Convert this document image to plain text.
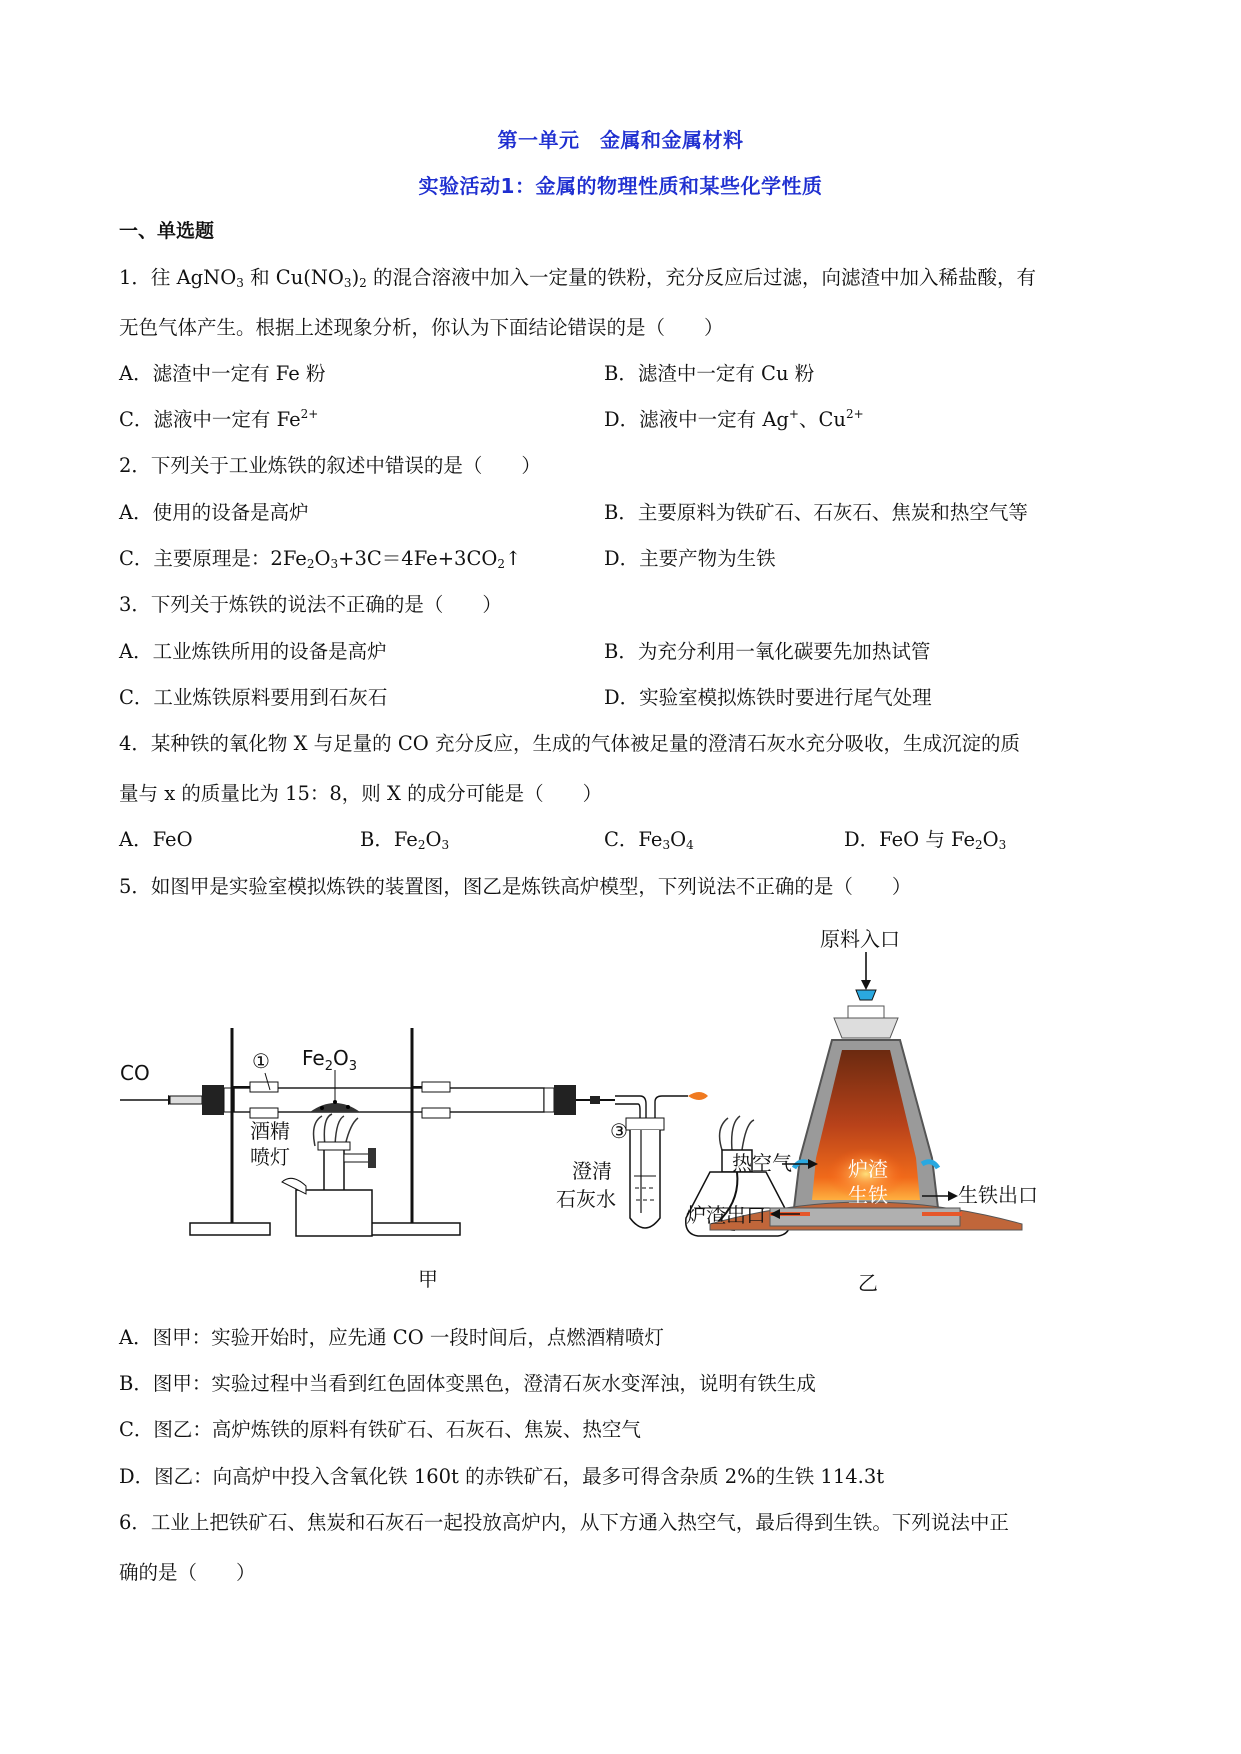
第一单元　金属和金属材料
实验活动1：金属的物理性质和某些化学性质
一、单选题
1．往 AgNO$_3$ 和 $Cu(NO_3)_2$ 的混合溶液中加入一定量的铁粉，充分反应后过滤，向滤渣中加入稀盐酸，有
无色气体产生。根据上述现象分析，你认为下面结论错误的是（　　）
A．滤渣中一定有 Fe 粉	B．滤渣中一定有 Cu 粉
C．滤液中一定有 $Fe^{2+}$	D．滤液中一定有 Ag+、$Cu^{2+}$
2．下列关于工业炼铁的叙述中错误的是（　　）
A．使用的设备是高炉	B．主要原料为铁矿石、石灰石、焦炭和热空气等
C．主要原理是：$2Fe_2O_3+3C=4Fe+3CO_2↑$	D．主要产物为生铁
3．下列关于炼铁的说法不正确的是（　　）
A．工业炼铁所用的设备是高炉	B．为充分利用一氧化碳要先加热试管
C．工业炼铁原料要用到石灰石	D．实验室模拟炼铁时要进行尾气处理
4．某种铁的氧化物 X 与足量的 CO 充分反应，生成的气体被足量的澄清石灰水充分吸收，生成沉淀的质
量与 x 的质量比为 15：8，则 X 的成分可能是（　　）
A．FeO	B．$Fe_2O_3$	C．$Fe_3O_4$	D．FeO 与 $Fe_2O_3$
5．如图甲是实验室模拟炼铁的装置图，图乙是炼铁高炉模型，下列说法不正确的是（　　）
CO
$Fe_2O_3$
①
酒精
喷灯
③
澄清
石灰水
甲
原料入口
热空气	炉渣
生铁	生铁出口
炉渣出口
乙
A．图甲：实验开始时，应先通 CO 一段时间后，点燃酒精喷灯
B．图甲：实验过程中当看到红色固体变黑色，澄清石灰水变浑浊，说明有铁生成
C．图乙：高炉炼铁的原料有铁矿石、石灰石、焦炭、热空气
D．图乙：向高炉中投入含氧化铁 160t 的赤铁矿石，最多可得含杂质 2%的生铁 114.3t
6．工业上把铁矿石、焦炭和石灰石一起投放高炉内，从下方通入热空气，最后得到生铁。下列说法中正
确的是（　　）
